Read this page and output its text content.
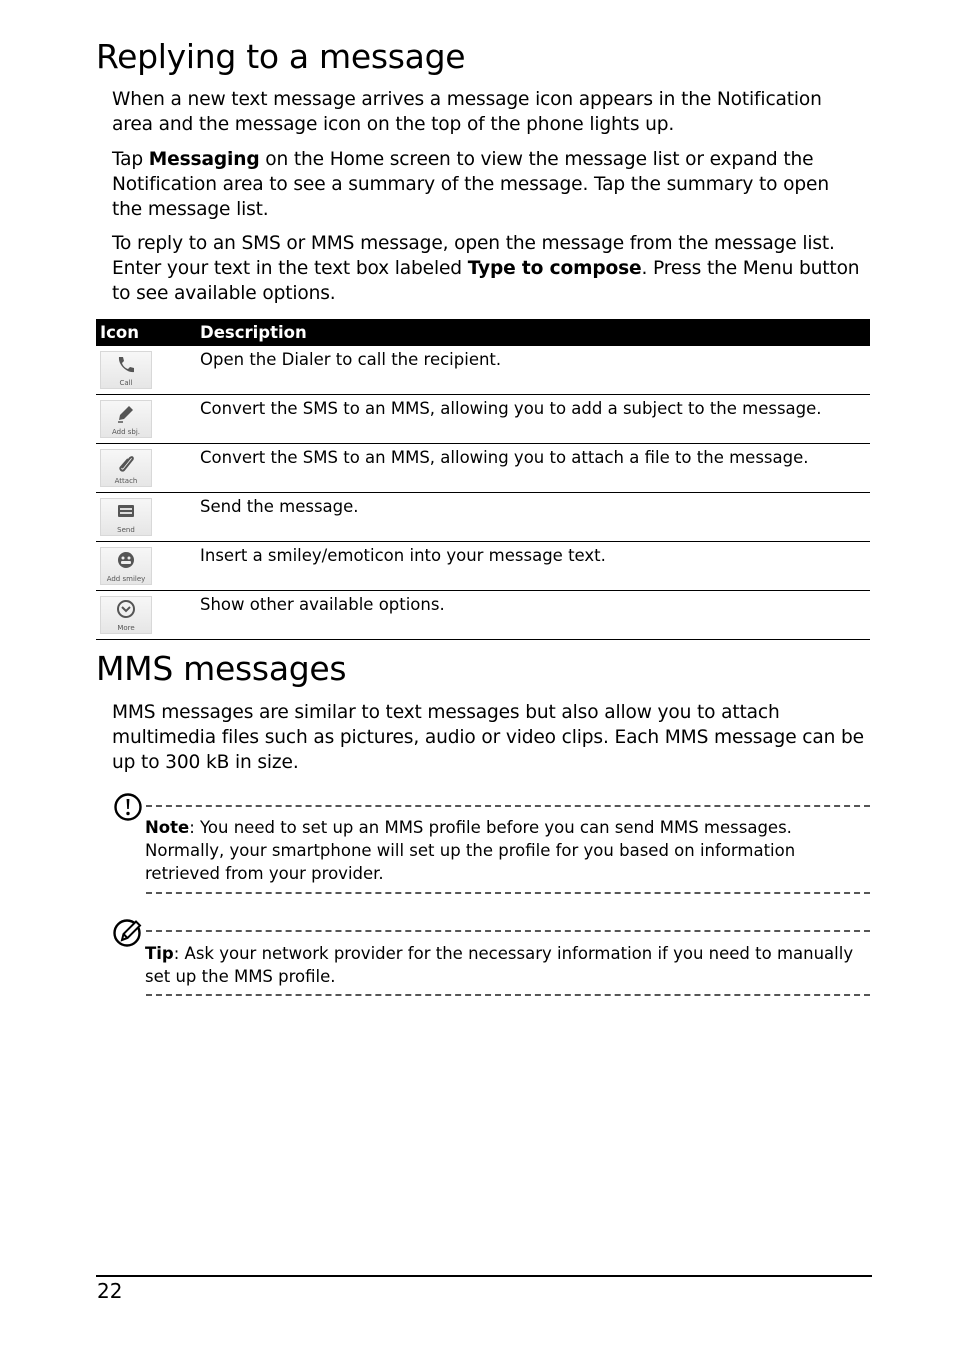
Replying to a message

When a new text message arrives a message icon appears in the Notification area and the message icon on the top of the phone lights up.

Tap Messaging on the Home screen to view the message list or expand the Notification area to see a summary of the message. Tap the summary to open the message list.

To reply to an SMS or MMS message, open the message from the message list. Enter your text in the text box labeled Type to compose. Press the Menu button to see available options.

Icon	Description

Call	Open the Dialer to call the recipient.

Add sbj.	Convert the SMS to an MMS, allowing you to add a subject to the message.

Attach	Convert the SMS to an MMS, allowing you to attach a file to the message.

Send	Send the message.

Add smiley	Insert a smiley/emoticon into your message text.

More	Show other available options.
MMS messages

MMS messages are similar to text messages but also allow you to attach multimedia files such as pictures, audio or video clips. Each MMS message can be up to 300 kB in size.

Note: You need to set up an MMS profile before you can send MMS messages. Normally, your smartphone will set up the profile for you based on information retrieved from your provider.
Tip: Ask your network provider for the necessary information if you need to manually set up the MMS profile.
22
